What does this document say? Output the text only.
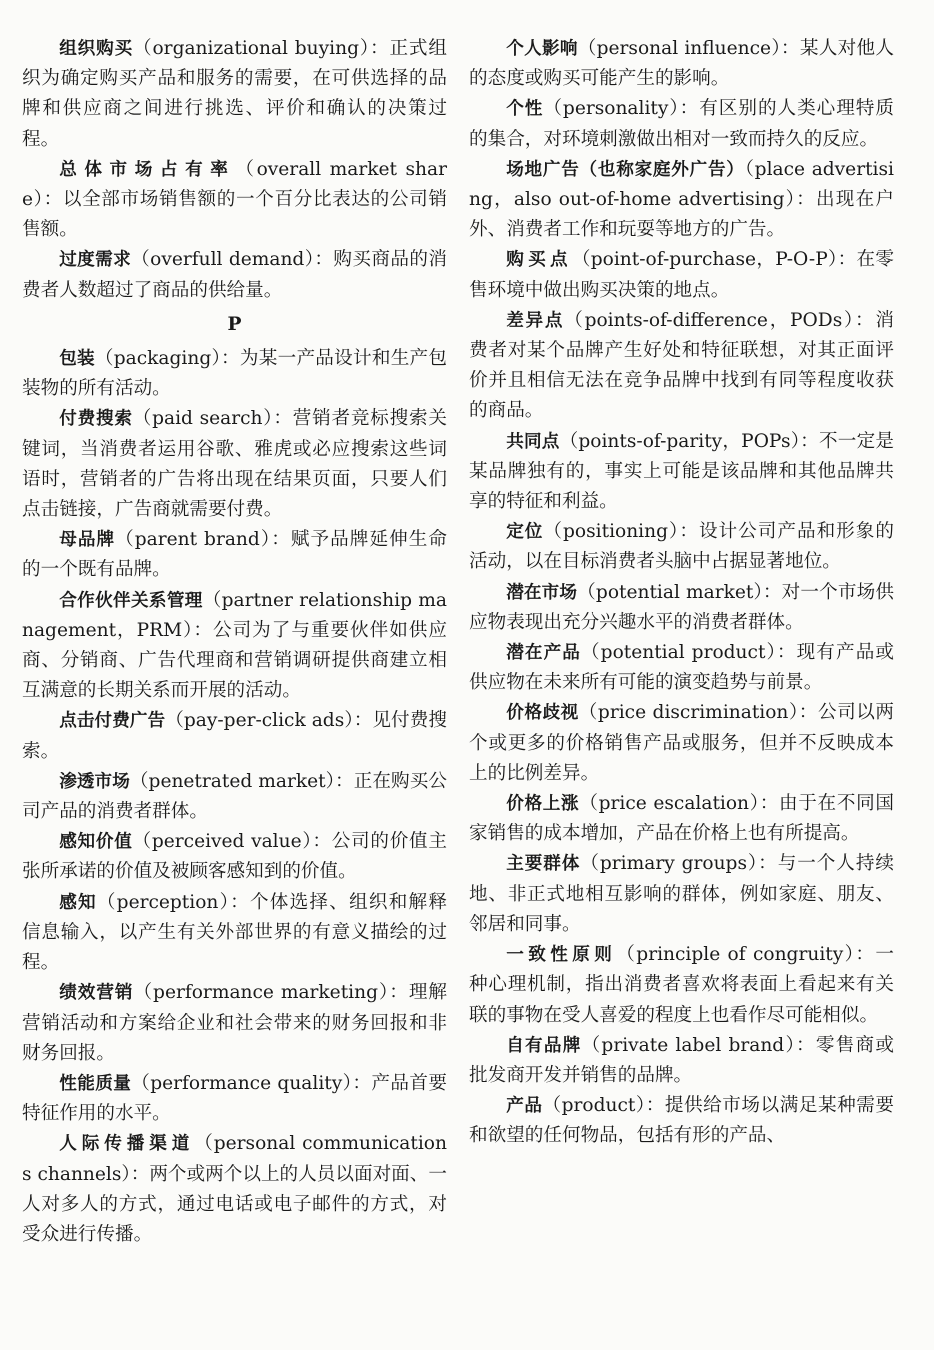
组织购买（organizational buying）：正式组织为确定购买产品和服务的需要，在可供选择的品牌和供应商之间进行挑选、评价和确认的决策过程。

总体市场占有率（overall market share）：以全部市场销售额的一个百分比表达的公司销售额。

过度需求（overfull demand）：购买商品的消费者人数超过了商品的供给量。

P

包装（packaging）：为某一产品设计和生产包装物的所有活动。

付费搜索（paid search）：营销者竞标搜索关键词，当消费者运用谷歌、雅虎或必应搜索这些词语时，营销者的广告将出现在结果页面，只要人们点击链接，广告商就需要付费。

母品牌（parent brand）：赋予品牌延伸生命的一个既有品牌。

合作伙伴关系管理（partner relationship management，PRM）：公司为了与重要伙伴如供应商、分销商、广告代理商和营销调研提供商建立相互满意的长期关系而开展的活动。

点击付费广告（pay-per-click ads）：见付费搜索。

渗透市场（penetrated market）：正在购买公司产品的消费者群体。

感知价值（perceived value）：公司的价值主张所承诺的价值及被顾客感知到的价值。

感知（perception）：个体选择、组织和解释信息输入，以产生有关外部世界的有意义描绘的过程。

绩效营销（performance marketing）：理解营销活动和方案给企业和社会带来的财务回报和非财务回报。

性能质量（performance quality）：产品首要特征作用的水平。

人际传播渠道（personal communications channels）：两个或两个以上的人员以面对面、一人对多人的方式，通过电话或电子邮件的方式，对受众进行传播。

个人影响（personal influence）：某人对他人的态度或购买可能产生的影响。

个性（personality）：有区别的人类心理特质的集合，对环境刺激做出相对一致而持久的反应。

场地广告（也称家庭外广告）（place advertising，also out-of-home advertising）：出现在户外、消费者工作和玩耍等地方的广告。

购买点（point-of-purchase，P-O-P）：在零售环境中做出购买决策的地点。

差异点（points-of-difference，PODs）：消费者对某个品牌产生好处和特征联想，对其正面评价并且相信无法在竞争品牌中找到有同等程度收获的商品。

共同点（points-of-parity，POPs）：不一定是某品牌独有的，事实上可能是该品牌和其他品牌共享的特征和利益。

定位（positioning）：设计公司产品和形象的活动，以在目标消费者头脑中占据显著地位。

潜在市场（potential market）：对一个市场供应物表现出充分兴趣水平的消费者群体。

潜在产品（potential product）：现有产品或供应物在未来所有可能的演变趋势与前景。

价格歧视（price discrimination）：公司以两个或更多的价格销售产品或服务，但并不反映成本上的比例差异。

价格上涨（price escalation）：由于在不同国家销售的成本增加，产品在价格上也有所提高。

主要群体（primary groups）：与一个人持续地、非正式地相互影响的群体，例如家庭、朋友、邻居和同事。

一致性原则（principle of congruity）：一种心理机制，指出消费者喜欢将表面上看起来有关联的事物在受人喜爱的程度上也看作尽可能相似。

自有品牌（private label brand）：零售商或批发商开发并销售的品牌。

产品（product）：提供给市场以满足某种需要和欲望的任何物品，包括有形的产品、
